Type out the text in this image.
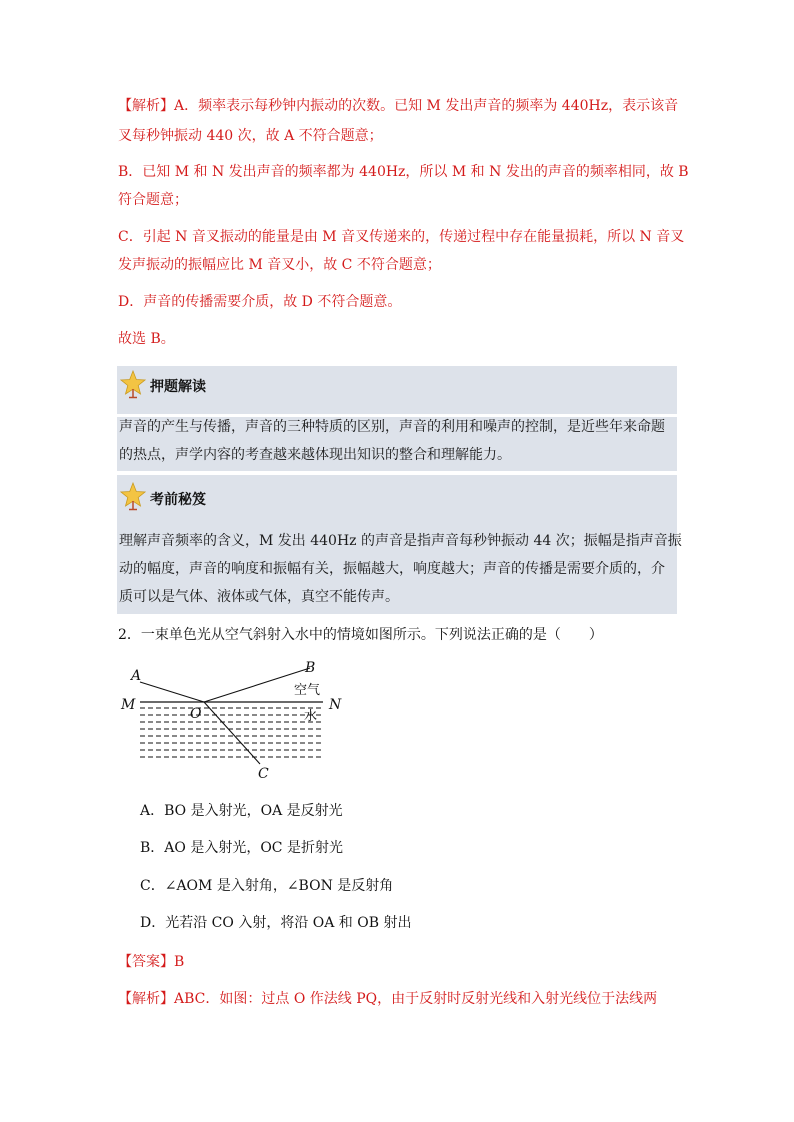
【解析】A．频率表示每秒钟内振动的次数。已知 M 发出声音的频率为 440Hz，表示该音
叉每秒钟振动 440 次，故 A 不符合题意；
B．已知 M 和 N 发出声音的频率都为 440Hz，所以 M 和 N 发出的声音的频率相同，故 B
符合题意；
C．引起 N 音叉振动的能量是由 M 音叉传递来的，传递过程中存在能量损耗，所以 N 音叉
发声振动的振幅应比 M 音叉小，故 C 不符合题意；
D．声音的传播需要介质，故 D 不符合题意。
故选 B。
押题解读
声音的产生与传播，声音的三种特质的区别，声音的利用和噪声的控制，是近些年来命题
的热点，声学内容的考查越来越体现出知识的整合和理解能力。
考前秘笈
理解声音频率的含义，M 发出 440Hz 的声音是指声音每秒钟振动 44 次；振幅是指声音振
动的幅度，声音的响度和振幅有关，振幅越大，响度越大；声音的传播是需要介质的，介
质可以是气体、液体或气体，真空不能传声。
2．一束单色光从空气斜射入水中的情境如图所示。下列说法正确的是（　　）
A	B
C
M	N
O
空气
水
A．BO 是入射光，OA 是反射光
B．AO 是入射光，OC 是折射光
C．∠AOM 是入射角，∠BON 是反射角
D．光若沿 CO 入射，将沿 OA 和 OB 射出
【答案】B
【解析】ABC．如图：过点 O 作法线 PQ，由于反射时反射光线和入射光线位于法线两
